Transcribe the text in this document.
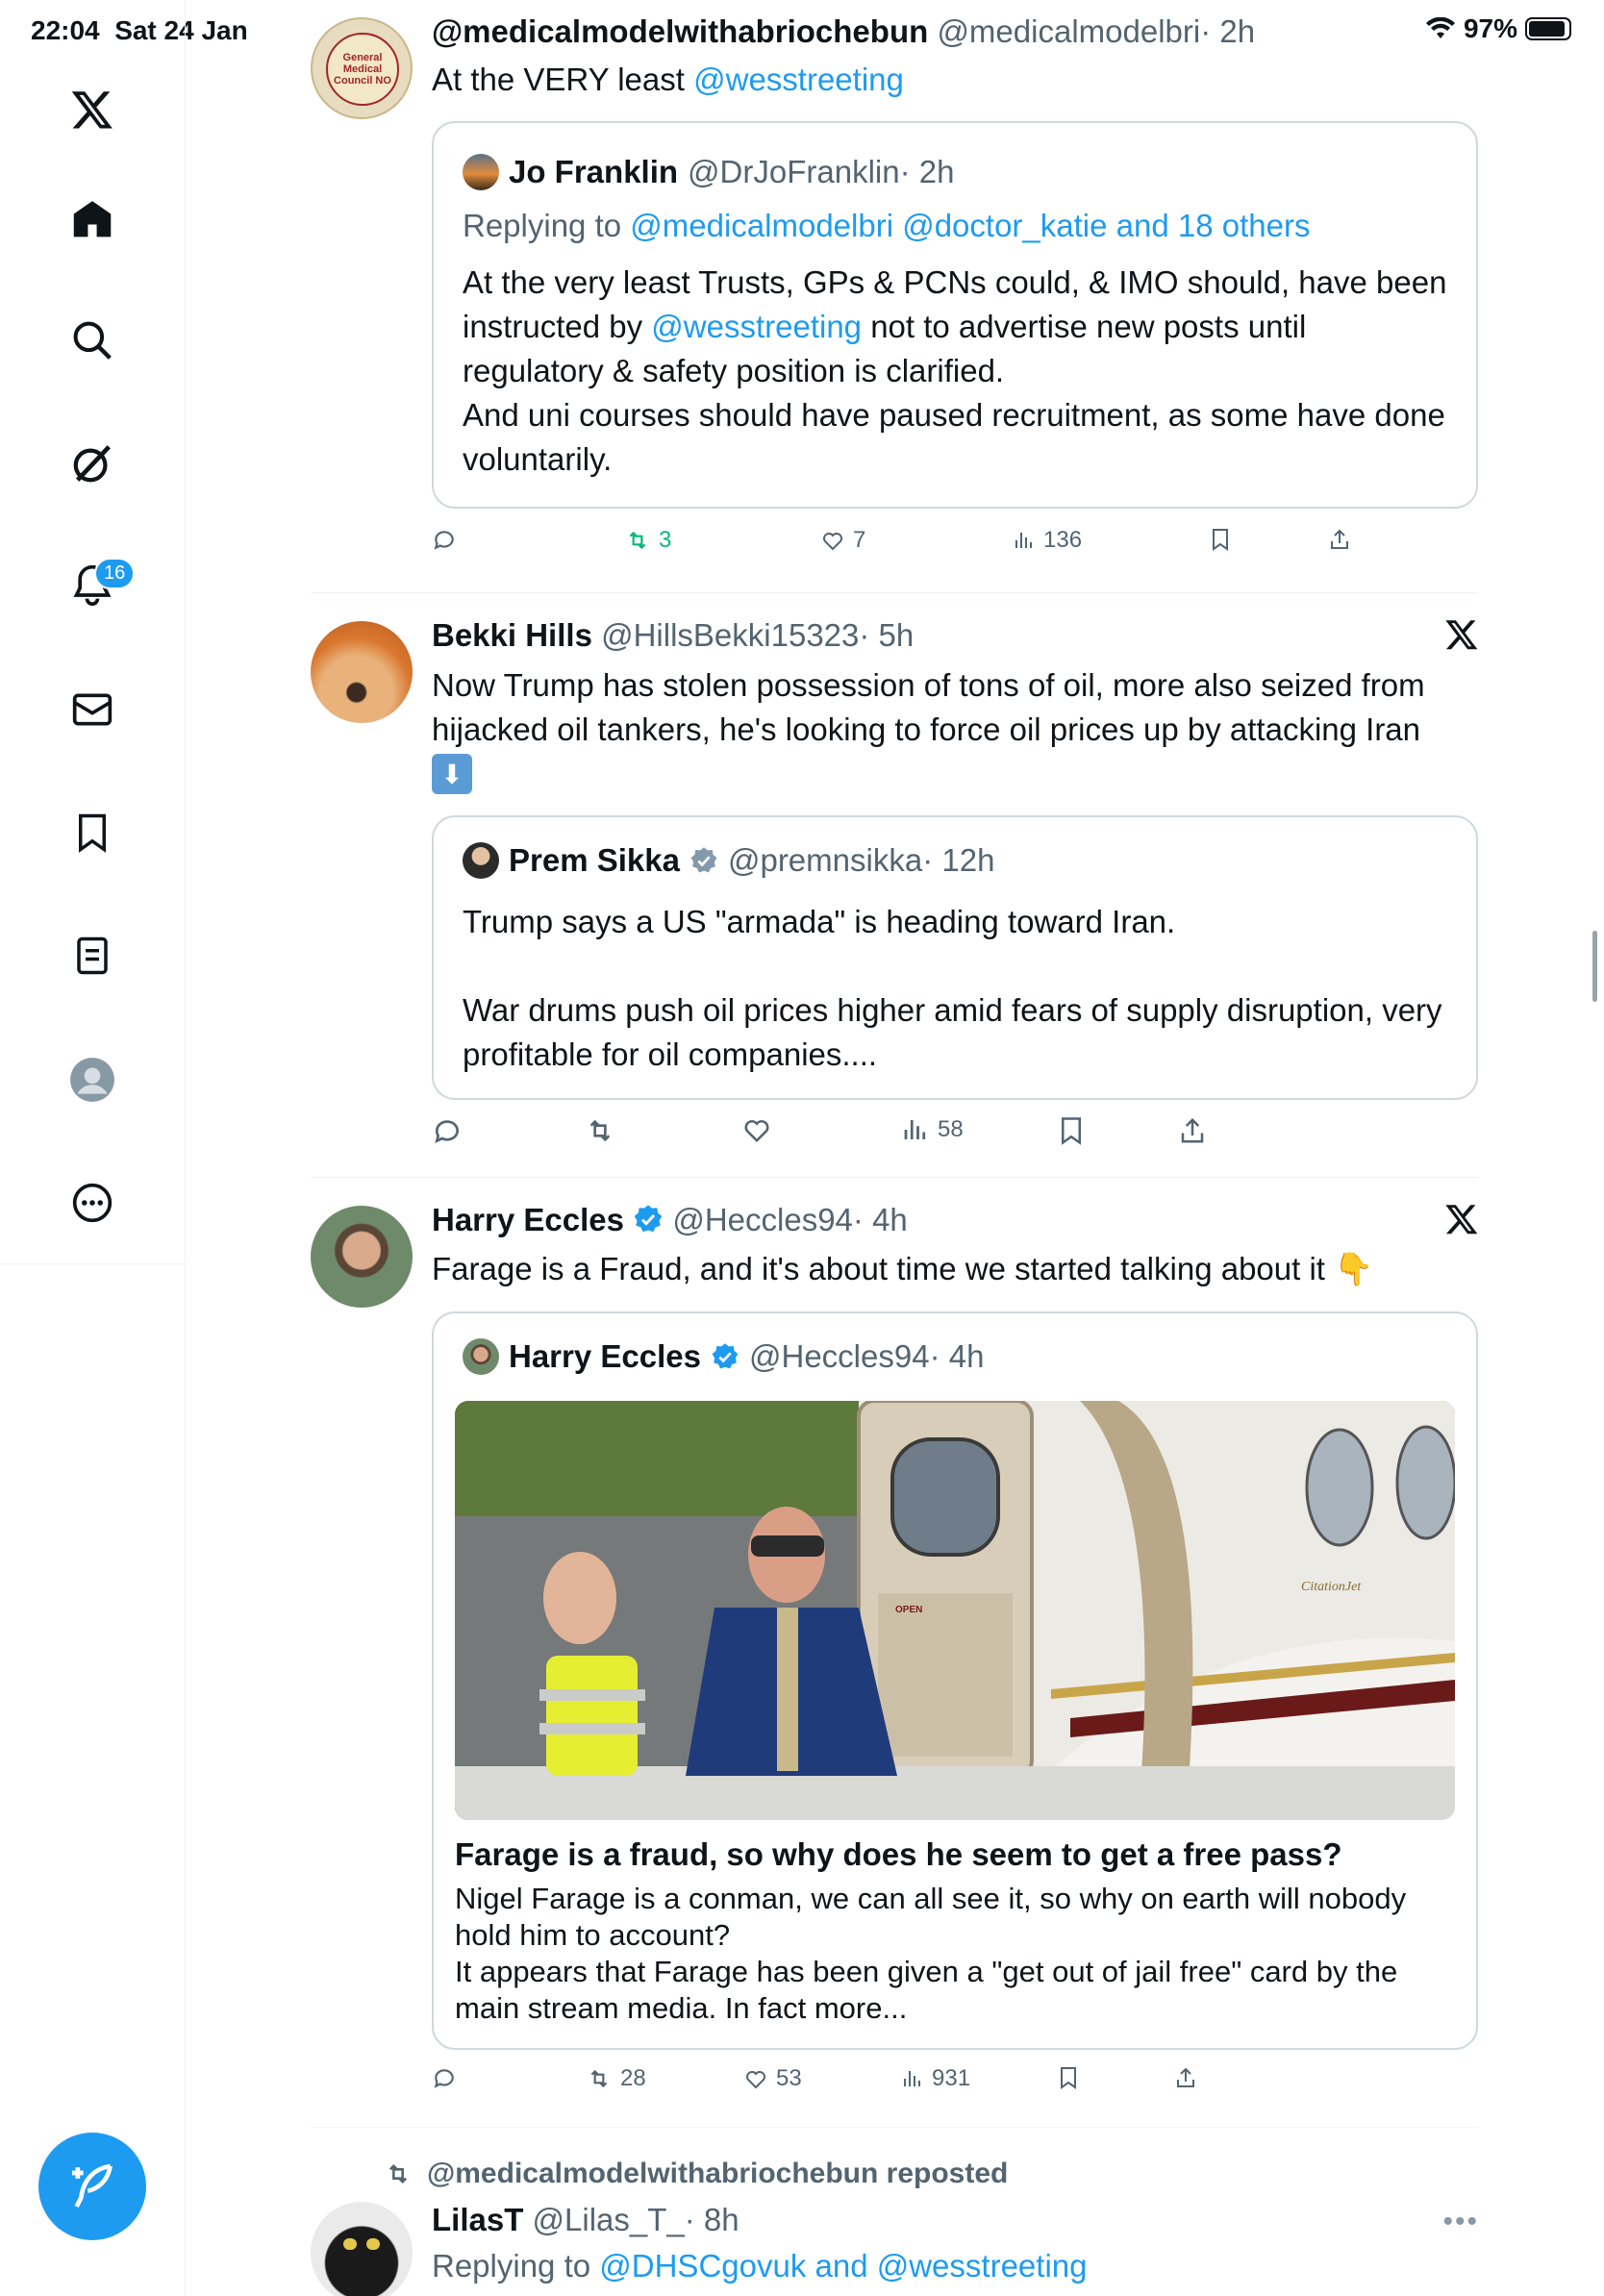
22:04 Sat 24 Jan	97%
16
General Medical Council NO
@medicalmodelwithabriochebun @medicalmodelbri· 2h
At the VERY least @wesstreeting
Jo Franklin @DrJoFranklin· 2h
Replying to @medicalmodelbri @doctor_katie and 18 others
At the very least Trusts, GPs & PCNs could, & IMO should, have been instructed by @wesstreeting not to advertise new posts until regulatory & safety position is clarified.
And uni courses should have paused recruitment, as some have done voluntarily.
3	7	136
Bekki Hills @HillsBekki15323· 5h
Now Trump has stolen possession of tons of oil, more also seized from hijacked oil tankers, he's looking to force oil prices up by attacking Iran
⬇
Prem Sikka @premnsikka· 12h
Trump says a US "armada" is heading toward Iran.

War drums push oil prices higher amid fears of supply disruption, very profitable for oil companies....
58
Harry Eccles @Heccles94· 4h
Farage is a Fraud, and it's about time we started talking about it 👇
Harry Eccles @Heccles94· 4h
CitationJet
OPEN
Farage is a fraud, so why does he seem to get a free pass?
Nigel Farage is a conman, we can all see it, so why on earth will nobody hold him to account?
It appears that Farage has been given a "get out of jail free" card by the main stream media. In fact more...
28	53	931
@medicalmodelwithabriochebun reposted
LilasT @Lilas_T_· 8h	•••
Replying to @DHSCgovuk and @wesstreeting
